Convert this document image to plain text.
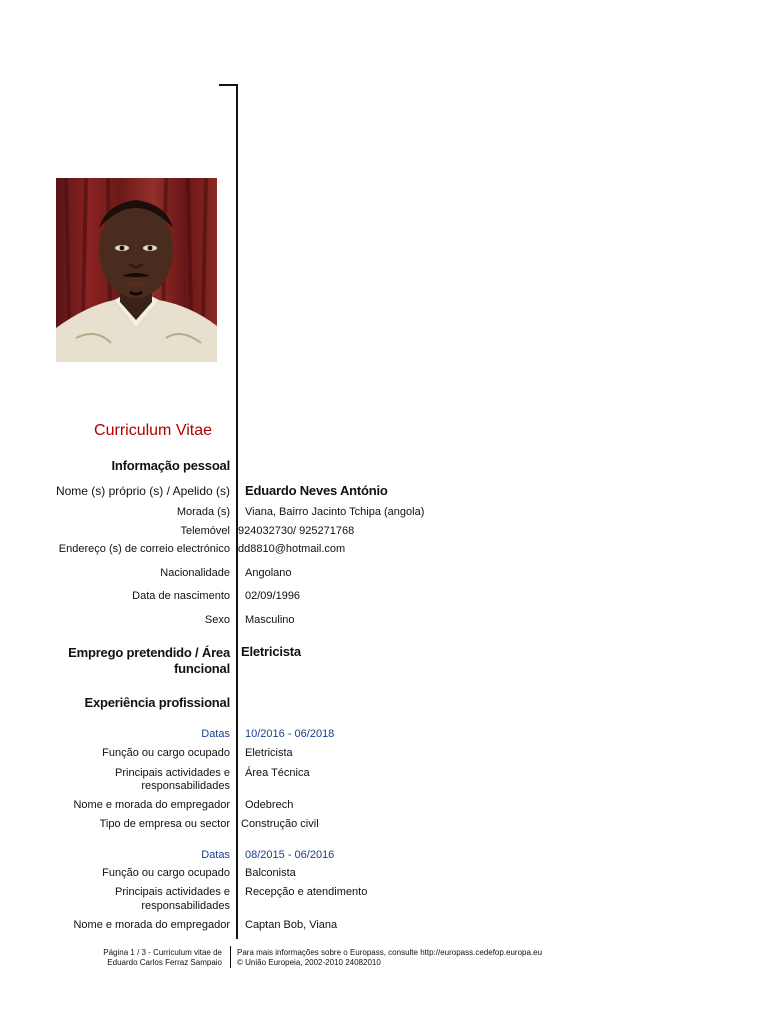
Curriculum Vitae
Informação pessoal
Nome (s) próprio (s) / Apelido (s) Eduardo Neves António
Morada (s) Viana, Bairro Jacinto Tchipa (angola)
Telemóvel 924032730/ 925271768
Endereço (s) de correio electrónico dd8810@hotmail.com
Nacionalidade Angolano
Data de nascimento 02/09/1996
Sexo Masculino
Emprego pretendido / Área
funcional
Eletricista
Experiência profissional
Datas 10/2016 - 06/2018
Função ou cargo ocupado Eletricista
Principais actividades e
responsabilidades
Área Técnica
Nome e morada do empregador Odebrech
Tipo de empresa ou sector Construção civil
Datas 08/2015 - 06/2016
Função ou cargo ocupado Balconista
Principais actividades e
responsabilidades
Recepção e atendimento
Nome e morada do empregador Captan Bob, Viana
Página 1 / 3 - Curriculum vitae de
Eduardo Carlos Ferraz Sampaio
Para mais informações sobre o Europass, consulte http://europass.cedefop.europa.eu
© União Europeia, 2002-2010 24082010
